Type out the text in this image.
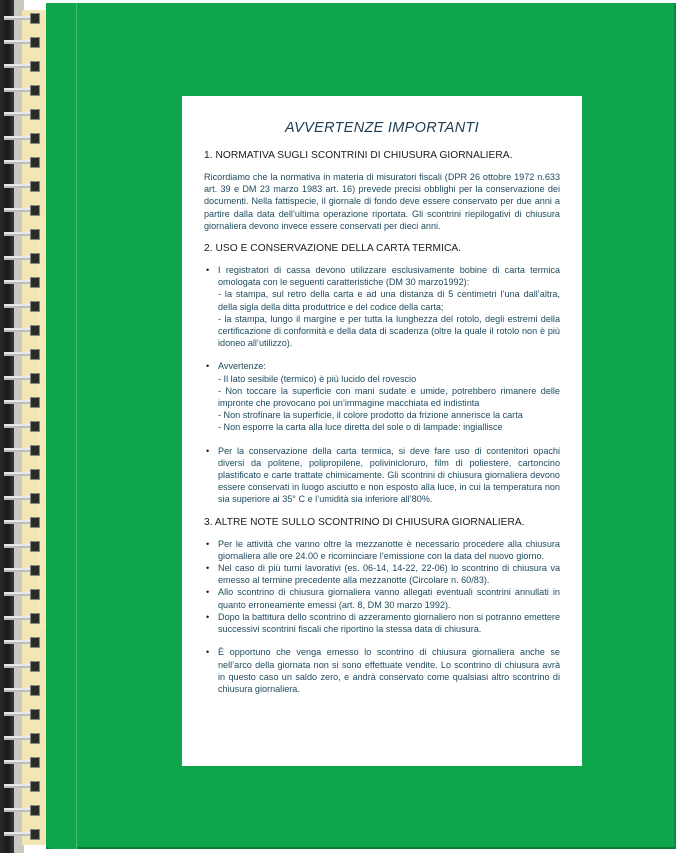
AVVERTENZE IMPORTANTI
1. NORMATIVA SUGLI SCONTRINI DI CHIUSURA GIORNALIERA.
Ricordiamo che la normativa in materia di misuratori fiscali (DPR 26 ottobre 1972 n.633 art. 39 e DM 23 marzo 1983 art. 16) prevede precisi obblighi per la conservazione dei documenti. Nella fattispecie, il giornale di fondo deve essere conservato per due anni a partire dalla data dell’ultima operazione riportata. Gli scontrini riepilogativi di chiusura giornaliera devono invece essere conservati per dieci anni.
2. USO E CONSERVAZIONE DELLA CARTA TERMICA.
• I registratori di cassa devono utilizzare esclusivamente bobine di carta termica omologata con le seguenti caratteristiche (DM 30 marzo1992):
- la stampa, sul retro della carta e ad una distanza di 5 centimetri l’una dall’altra, della sigla della ditta produttrice e del codice della carta;
- la stampa, lungo il margine e per tutta la lunghezza del rotolo, degli estremi della certificazione di conformità e della data di scadenza (oltre la quale il rotolo non è più idoneo all’utilizzo).
• Avvertenze:
- Il lato sesibile (termico) è più lucido del rovescio
- Non toccare la superficie con mani sudate e umide, potrebbero rimanere delle impronte che provocano poi un’immagine macchiata ed indistinta
- Non strofinare la superficie, il colore prodotto da frizione annerisce la carta
- Non esporre la carta alla luce diretta del sole o di lampade: ingiallisce
• Per la conservazione della carta termica, si deve fare uso di contenitori opachi diversi da politene, polipropilene, polivinicloruro, film di poliestere, cartoncino plastificato e carte trattate chimicamente. Gli scontrini di chiusura giornaliera devono essere conservati in luogo asciutto e non esposto alla luce, in cui la temperatura non sia superiore ai 35° C e l’umidità sia inferiore all’80%.
3. ALTRE NOTE SULLO SCONTRINO DI CHIUSURA GIORNALIERA.
• Per le attività che vanno oltre la mezzanotte è necessario procedere alla chiusura giornaliera alle ore 24.00 e ricominciare l’emissione con la data del nuovo giorno.
• Nel caso di più turni lavorativi (es. 06-14, 14-22, 22-06) lo scontrino di chiusura va emesso al termine precedente alla mezzanotte (Circolare n. 60/83).
• Allo scontrino di chiusura giornaliera vanno allegati eventuali scontrini annullati in quanto erroneamente emessi (art. 8, DM 30 marzo 1992).
• Dopo la battitura dello scontrino di azzeramento giornaliero non si potranno emettere successivi scontrini fiscali che riportino la stessa data di chiusura.
• È opportuno che venga emesso lo scontrino di chiusura giornaliera anche se nell’arco della giornata non si sono effettuate vendite. Lo scontrino di chiusura avrà in questo caso un saldo zero, e andrà conservato come qualsiasi altro scontrino di chiusura giornaliera.
